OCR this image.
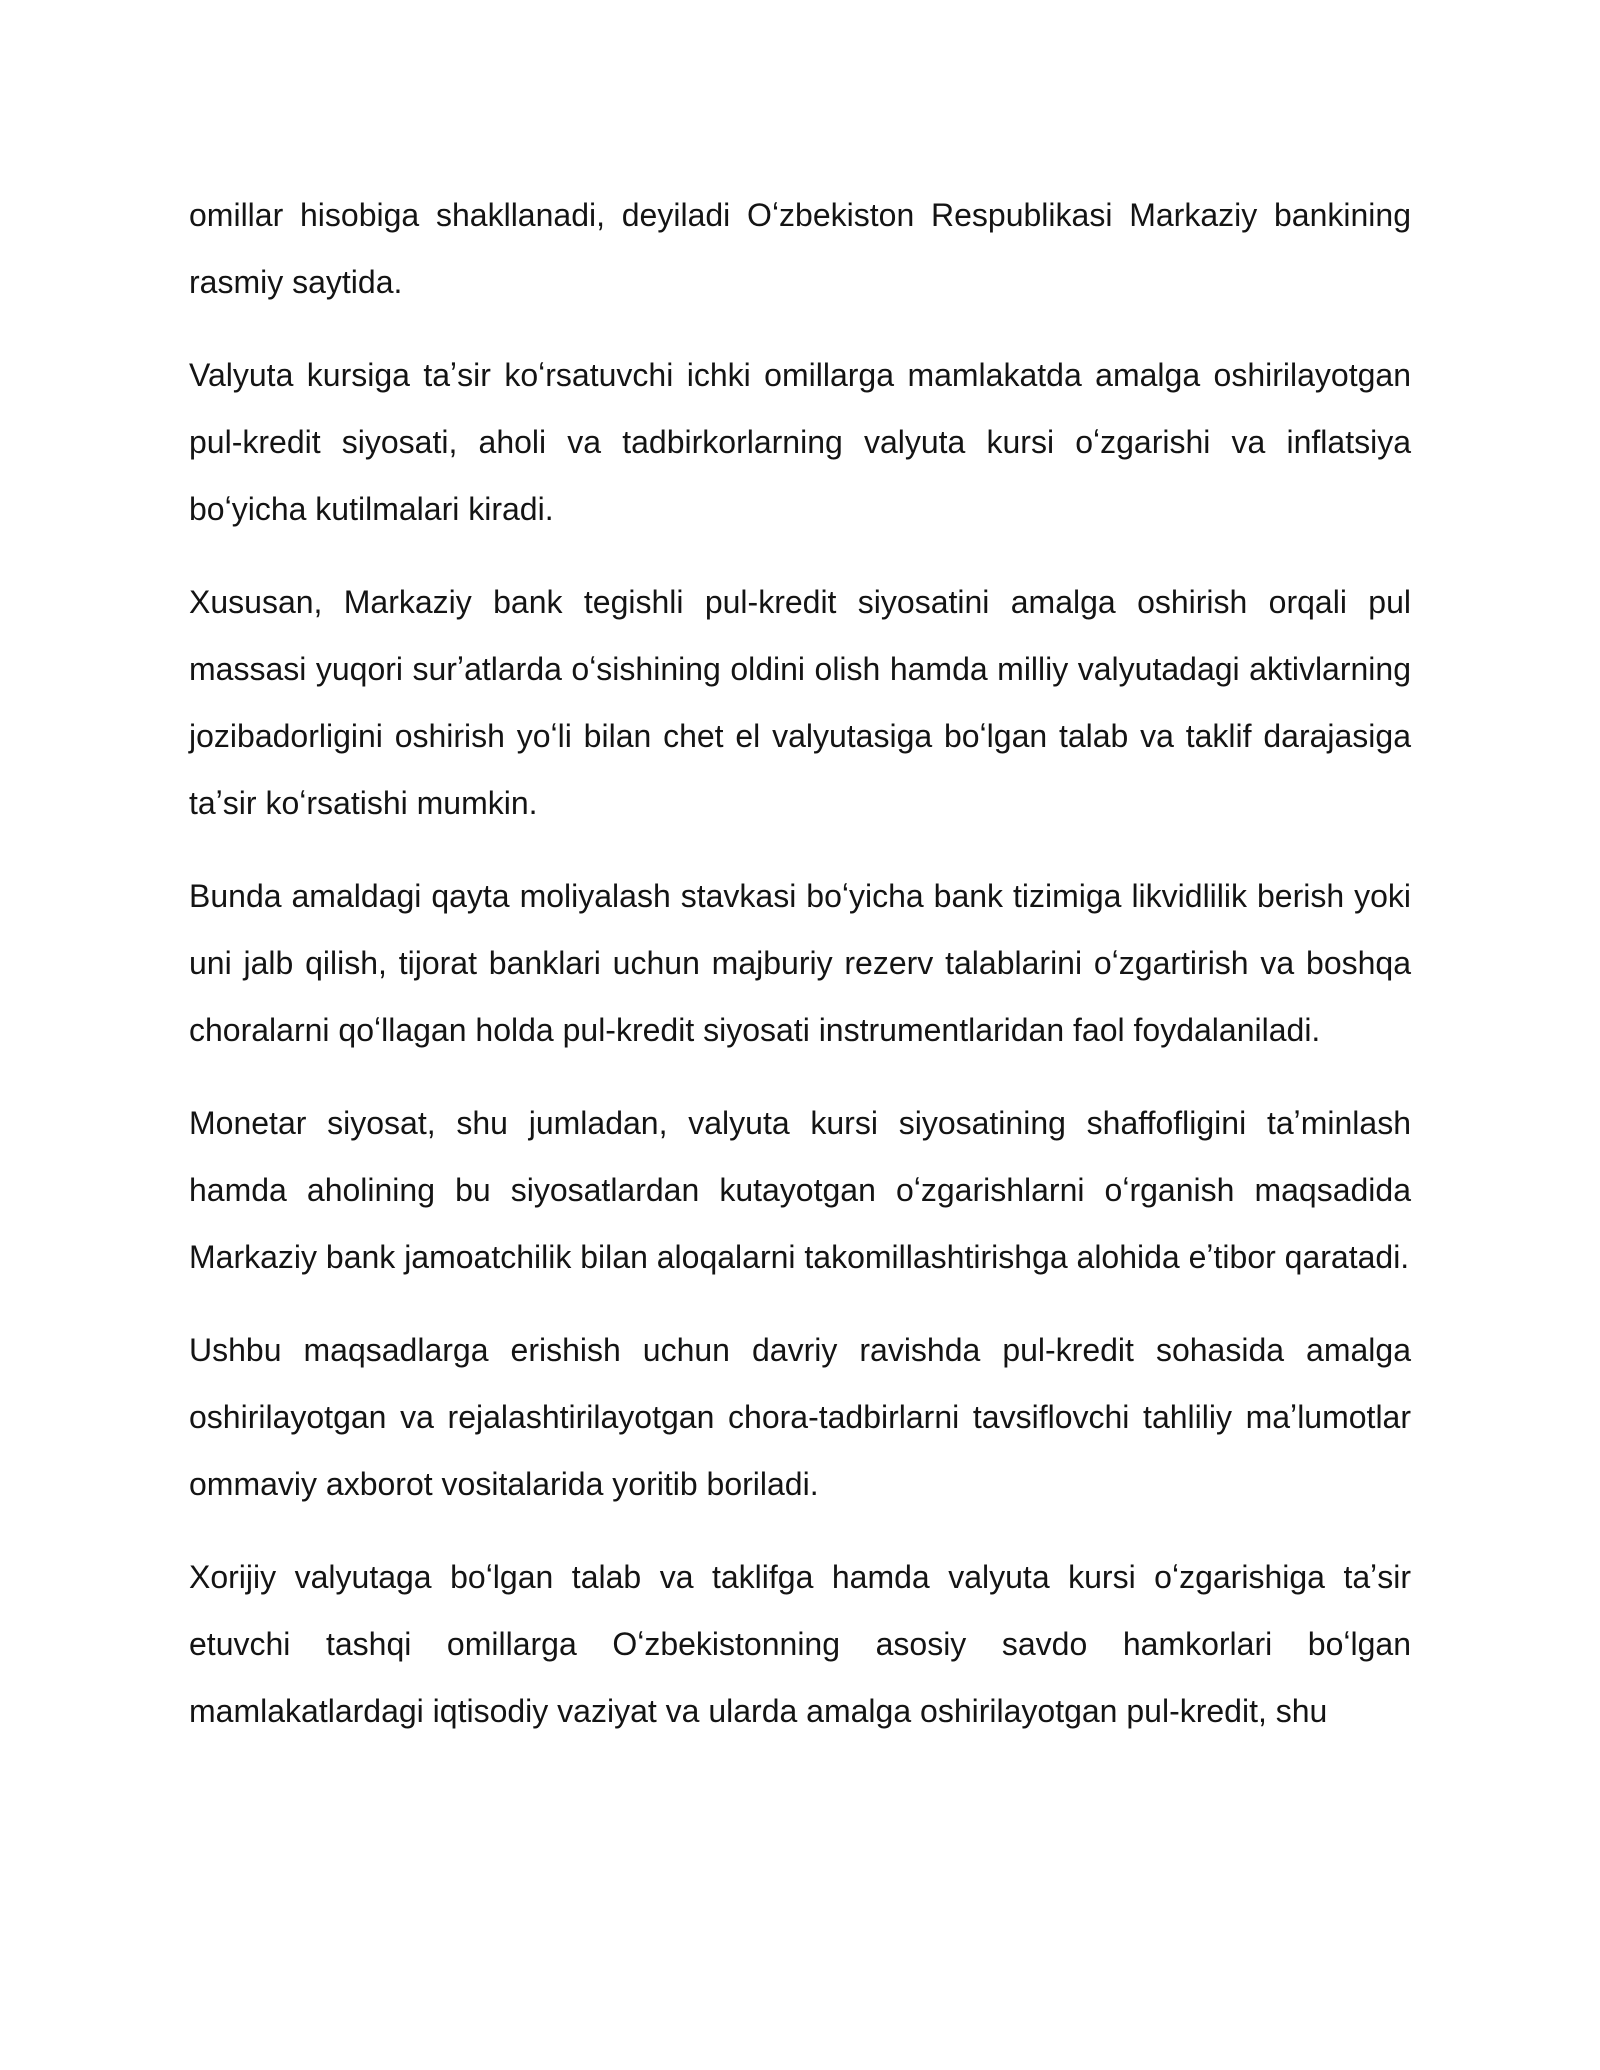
omillar hisobiga shakllanadi, deyiladi Oʻzbekiston Respublikasi Markaziy bankining rasmiy saytida.

Valyuta kursiga taʼsir koʻrsatuvchi ichki omillarga mamlakatda amalga oshirilayotgan pul-kredit siyosati, aholi va tadbirkorlarning valyuta kursi oʻzgarishi va inflatsiya boʻyicha kutilmalari kiradi.

Xususan, Markaziy bank tegishli pul-kredit siyosatini amalga oshirish orqali pul massasi yuqori surʼatlarda oʻsishining oldini olish hamda milliy valyutadagi aktivlarning jozibadorligini oshirish yoʻli bilan chet el valyutasiga boʻlgan talab va taklif darajasiga taʼsir koʻrsatishi mumkin.

Bunda amaldagi qayta moliyalash stavkasi boʻyicha bank tizimiga likvidlilik berish yoki uni jalb qilish, tijorat banklari uchun majburiy rezerv talablarini oʻzgartirish va boshqa choralarni qoʻllagan holda pul-kredit siyosati instrumentlaridan faol foydalaniladi.

Monetar siyosat, shu jumladan, valyuta kursi siyosatining shaffofligini taʼminlash hamda aholining bu siyosatlardan kutayotgan oʻzgarishlarni oʻrganish maqsadida Markaziy bank jamoatchilik bilan aloqalarni takomillashtirishga alohida eʼtibor qaratadi.

Ushbu maqsadlarga erishish uchun davriy ravishda pul-kredit sohasida amalga oshirilayotgan va rejalashtirilayotgan chora-tadbirlarni tavsiflovchi tahliliy maʼlumotlar ommaviy axborot vositalarida yoritib boriladi.

Xorijiy valyutaga boʻlgan talab va taklifga hamda valyuta kursi oʻzgarishiga taʼsir etuvchi tashqi omillarga Oʻzbekistonning asosiy savdo hamkorlari boʻlgan mamlakatlardagi iqtisodiy vaziyat va ularda amalga oshirilayotgan pul-kredit, shu
